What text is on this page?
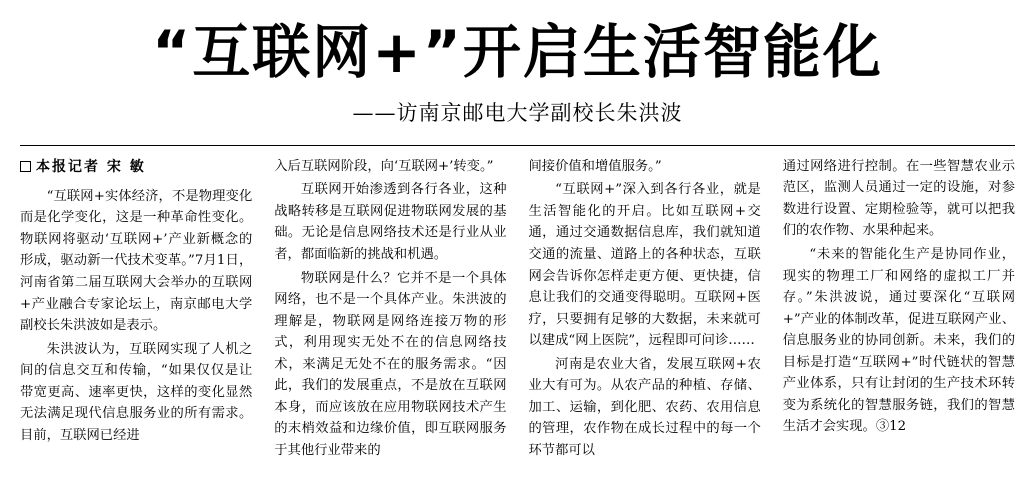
“互联网+”开启生活智能化
——访南京邮电大学副校长朱洪波
本报记者 宋 敏

“互联网+实体经济，不是物理变化而是化学变化，这是一种革命性变化。物联网将驱动‘互联网+’产业新概念的形成，驱动新一代技术变革。”7月1日，河南省第二届互联网大会举办的互联网+产业融合专家论坛上，南京邮电大学副校长朱洪波如是表示。

朱洪波认为，互联网实现了人机之间的信息交互和传输，“如果仅仅是让带宽更高、速率更快，这样的变化显然无法满足现代信息服务业的所有需求。目前，互联网已经进

入后互联网阶段，向‘互联网+’转变。”

互联网开始渗透到各行各业，这种战略转移是互联网促进物联网发展的基础。无论是信息网络技术还是行业从业者，都面临新的挑战和机遇。

物联网是什么？它并不是一个具体网络，也不是一个具体产业。朱洪波的理解是，物联网是网络连接万物的形式，利用现实无处不在的信息网络技术，来满足无处不在的服务需求。“因此，我们的发展重点，不是放在互联网本身，而应该放在应用物联网技术产生的末梢效益和边缘价值，即互联网服务于其他行业带来的

间接价值和增值服务。”

“互联网+”深入到各行各业，就是生活智能化的开启。比如互联网+交通，通过交通数据信息库，我们就知道交通的流量、道路上的各种状态，互联网会告诉你怎样走更方便、更快捷，信息让我们的交通变得聪明。互联网+医疗，只要拥有足够的大数据，未来就可以建成“网上医院”，远程即可问诊……

河南是农业大省，发展互联网+农业大有可为。从农产品的种植、存储、加工、运输，到化肥、农药、农用信息的管理，农作物在成长过程中的每一个环节都可以

通过网络进行控制。在一些智慧农业示范区，监测人员通过一定的设施，对参数进行设置、定期检验等，就可以把我们的农作物、水果种起来。

“未来的智能化生产是协同作业，现实的物理工厂和网络的虚拟工厂并存。”朱洪波说，通过要深化“互联网+”产业的体制改革，促进互联网产业、信息服务业的协同创新。未来，我们的目标是打造“互联网+”时代链状的智慧产业体系，只有让封闭的生产技术环转变为系统化的智慧服务链，我们的智慧生活才会实现。③12
